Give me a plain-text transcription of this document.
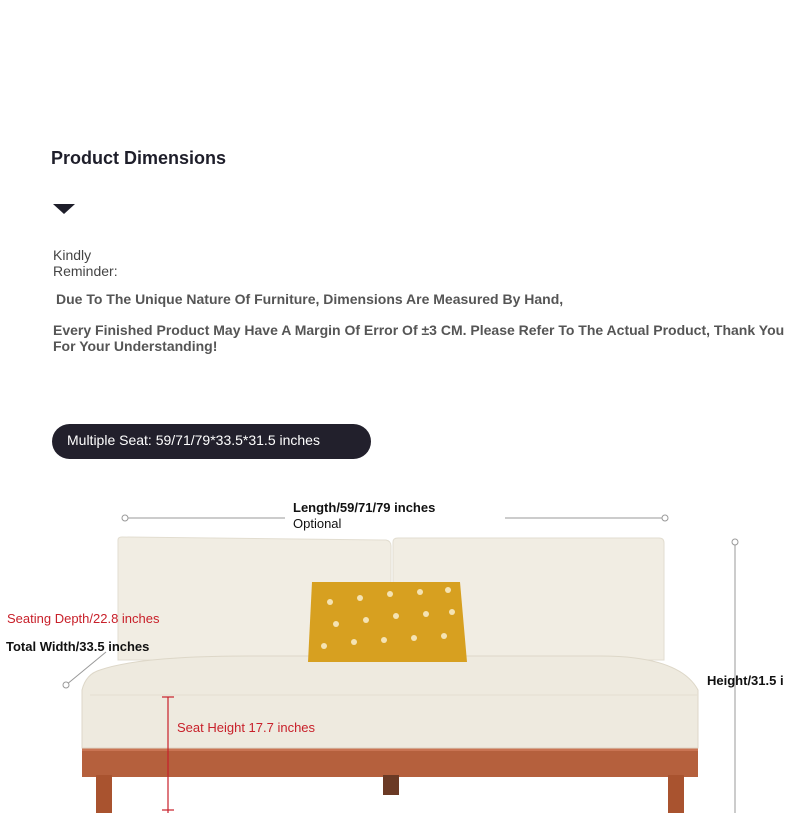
Product Dimensions
Kindly Reminder:
Due To The Unique Nature Of Furniture, Dimensions Are Measured By Hand,
Every Finished Product May Have A Margin Of Error Of ±3 CM. Please Refer To The Actual Product, Thank You For Your Understanding!
Multiple Seat: 59/71/79*33.5*31.5 inches
Length/59/71/79 inches
Optional
Seating Depth/22.8 inches
Total Width/33.5 inches
Seat Height 17.7 inches
Height/31.5 i
